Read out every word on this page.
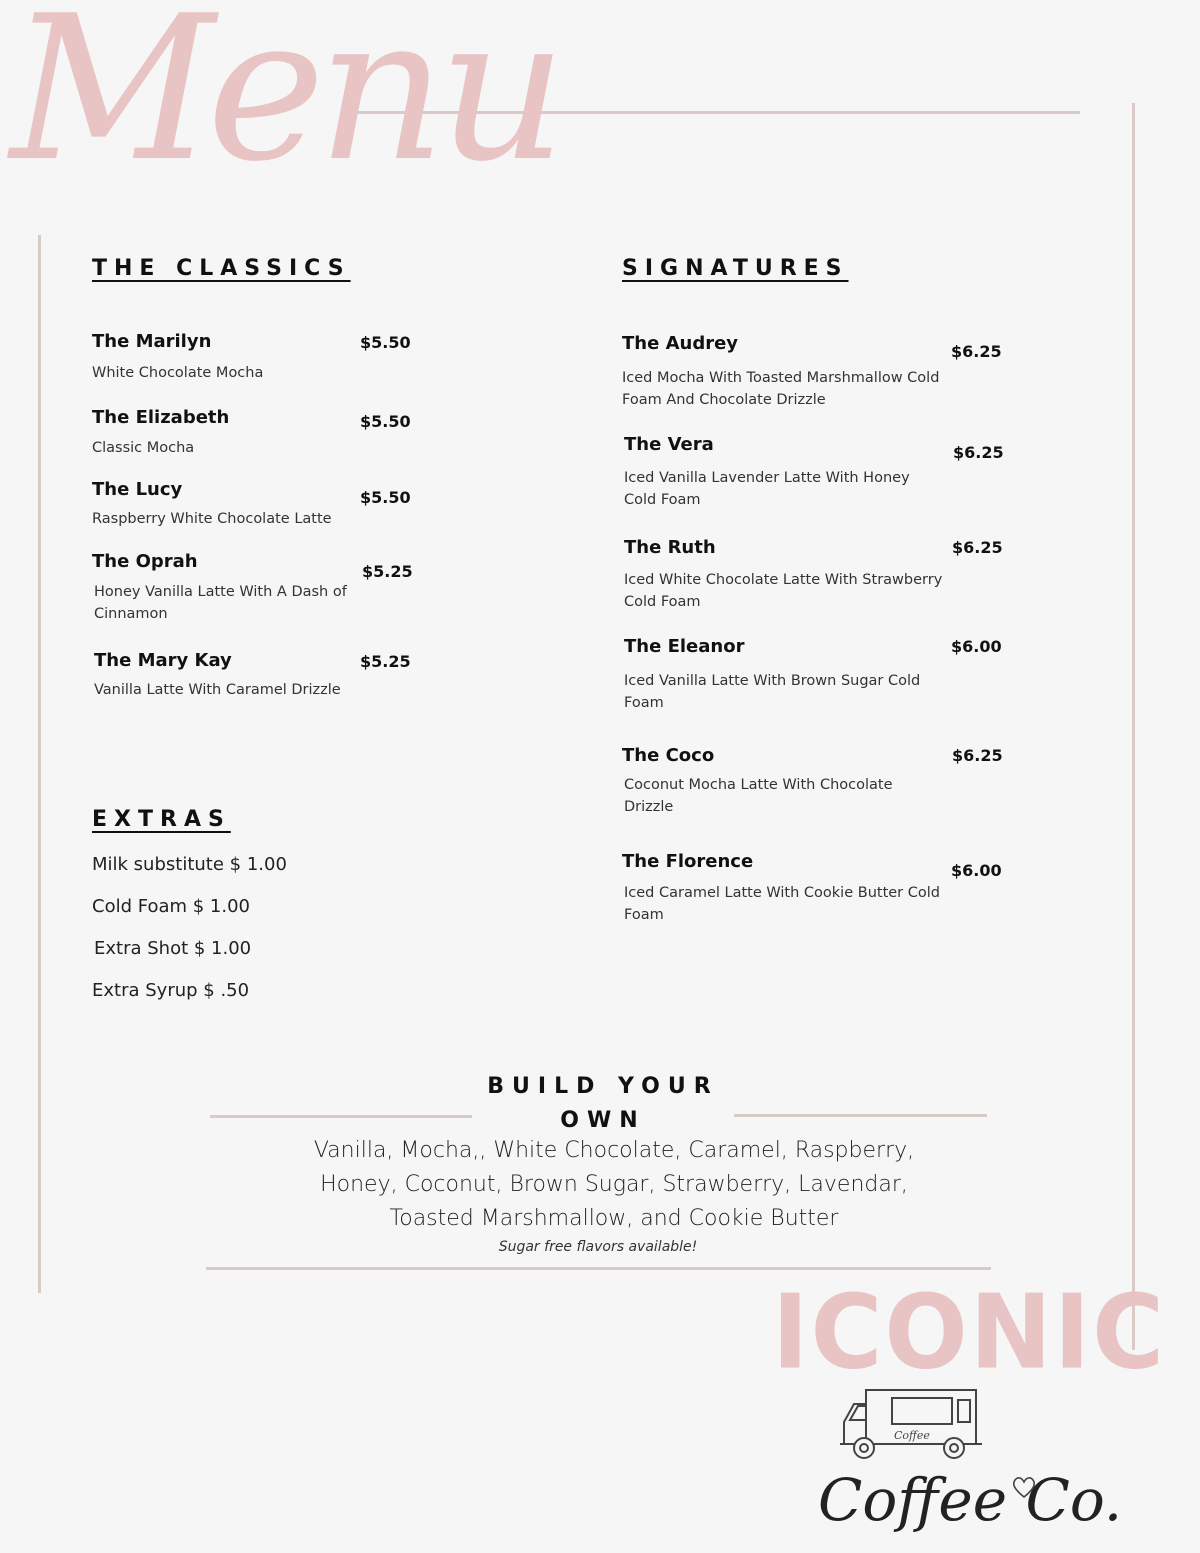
Menu
THE CLASSICS
The Marilyn	$5.50
White Chocolate Mocha
The Elizabeth	$5.50
Classic Mocha
The Lucy	$5.50
Raspberry White Chocolate Latte
The Oprah	$5.25
Honey Vanilla Latte With A Dash of Cinnamon
The Mary Kay	$5.25
Vanilla Latte With Caramel Drizzle
EXTRAS
Milk substitute $ 1.00
Cold Foam $ 1.00
Extra Shot $ 1.00
Extra Syrup $ .50
SIGNATURES
The Audrey	$6.25
Iced Mocha With Toasted Marshmallow Cold Foam And Chocolate Drizzle
The Vera	$6.25
Iced Vanilla Lavender Latte With Honey Cold Foam
The Ruth	$6.25
Iced White Chocolate Latte With Strawberry Cold Foam
The Eleanor	$6.00
Iced Vanilla Latte With Brown Sugar Cold Foam
The Coco	$6.25
Coconut Mocha Latte With Chocolate Drizzle
The Florence	$6.00
Iced Caramel Latte With Cookie Butter Cold Foam
BUILD YOUR
OWN
Vanilla, Mocha,, White Chocolate, Caramel, Raspberry, Honey, Coconut, Brown Sugar, Strawberry, Lavendar, Toasted Marshmallow, and Cookie Butter
Sugar free flavors available!
ICONIC
Coffee
Coffee Co.
